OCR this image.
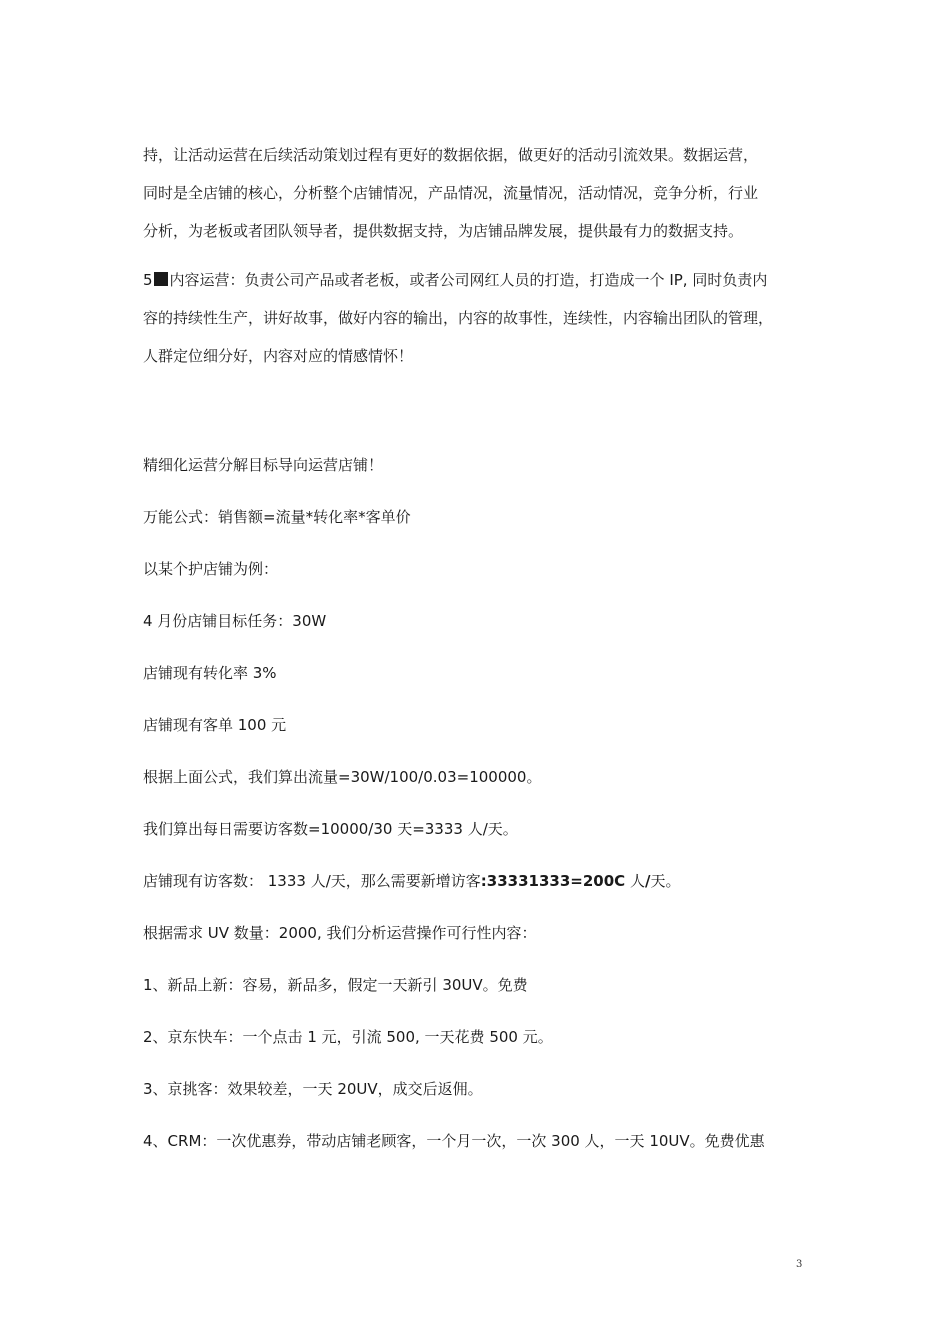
持，让活动运营在后续活动策划过程有更好的数据依据，做更好的活动引流效果。数据运营，

同时是全店铺的核心，分析整个店铺情况，产品情况，流量情况，活动情况，竞争分析，行业

分析，为老板或者团队领导者，提供数据支持，为店铺品牌发展，提供最有力的数据支持。

5 内容运营：负责公司产品或者老板，或者公司网红人员的打造，打造成一个 IP, 同时负责内

容的持续性生产，讲好故事，做好内容的输出，内容的故事性，连续性，内容输出团队的管理，

人群定位细分好，内容对应的情感情怀！

精细化运营分解目标导向运营店铺！

万能公式：销售额=流量*转化率*客单价

以某个护店铺为例：

4 月份店铺目标任务：30W

店铺现有转化率 3%

店铺现有客单 100 元

根据上面公式，我们算出流量=30W/100/0.03=100000。

我们算出每日需要访客数=10000/30 天=3333 人/天。

店铺现有访客数： 1333 人/天，那么需要新增访客:33331333=200C 人/天。

根据需求 UV 数量：2000, 我们分析运营操作可行性内容：

1、新品上新：容易，新品多，假定一天新引 30UV。免费

2、京东快车：一个点击 1 元，引流 500, 一天花费 500 元。

3、京挑客：效果较差，一天 20UV，成交后返佣。

4、CRM：一次优惠券，带动店铺老顾客，一个月一次，一次 300 人，一天 10UV。免费优惠

3
